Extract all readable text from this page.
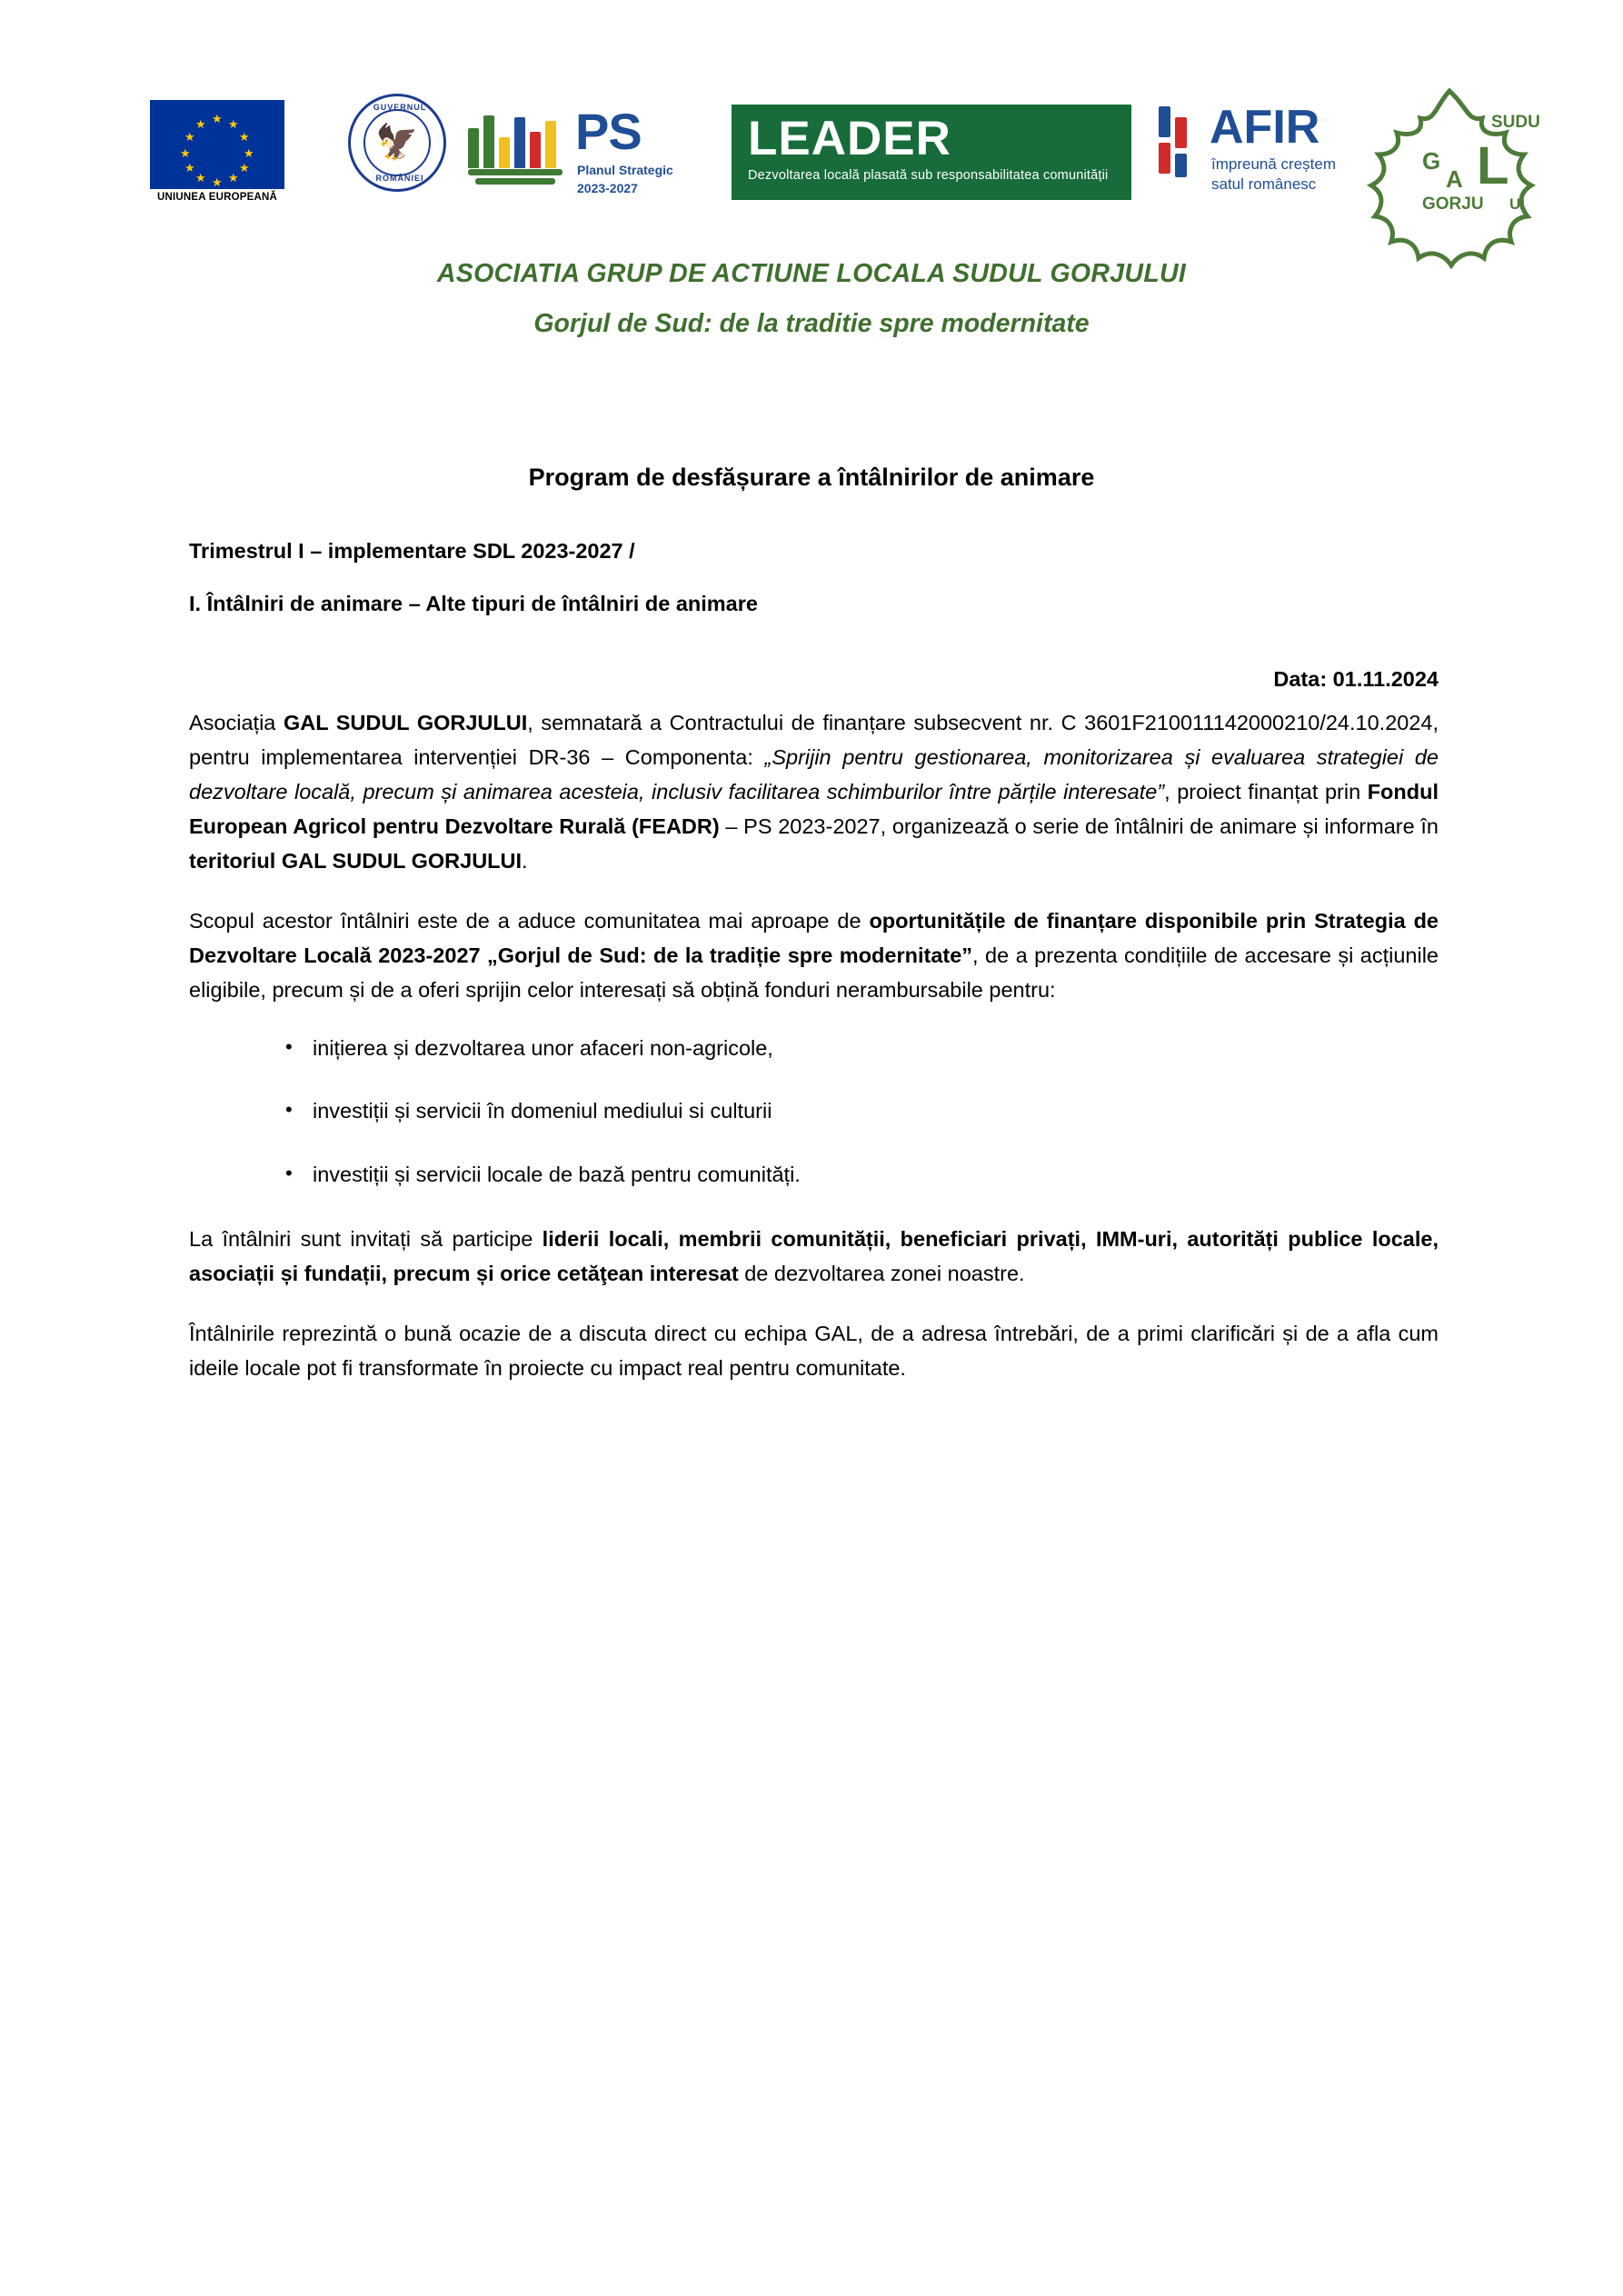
★ ★
★
★
★
★
★
★
★
★
★
★
UNIUNEA EUROPEANĂ
🦅
GUVERNUL
ROMÂNIEI
PS
Planul Strategic
2023-2027
LEADER
Dezvoltarea locală plasată sub responsabilitatea comunității
AFIR
împreună creștem
satul românesc
SUDU
G
A L
GORJU UI
ASOCIATIA GRUP DE ACTIUNE LOCALA SUDUL GORJULUI
Gorjul de Sud: de la traditie spre modernitate
Program de desfășurare a întâlnirilor de animare
Trimestrul I – implementare SDL 2023-2027 /
I. Întâlniri de animare – Alte tipuri de întâlniri de animare
Data: 01.11.2024

Asociația GAL SUDUL GORJULUI, semnatară a Contractului de finanțare subsecvent nr. C 3601F210011142000210/24.10.2024, pentru implementarea intervenției DR-36 – Componenta: „Sprijin pentru gestionarea, monitorizarea și evaluarea strategiei de dezvoltare locală, precum și animarea acesteia, inclusiv facilitarea schimburilor între părțile interesate”, proiect finanțat prin Fondul European Agricol pentru Dezvoltare Rurală (FEADR) – PS 2023-2027, organizează o serie de întâlniri de animare și informare în teritoriul GAL SUDUL GORJULUI.

Scopul acestor întâlniri este de a aduce comunitatea mai aproape de oportunitățile de finanțare disponibile prin Strategia de Dezvoltare Locală 2023-2027 „Gorjul de Sud: de la tradiție spre modernitate”, de a prezenta condițiile de accesare și acțiunile eligibile, precum și de a oferi sprijin celor interesați să obțină fonduri nerambursabile pentru:

• inițierea și dezvoltarea unor afaceri non-agricole,
• investiții și servicii în domeniul mediului si culturii
• investiții și servicii locale de bază pentru comunități.

La întâlniri sunt invitați să participe liderii locali, membrii comunității, beneficiari privați, IMM-uri, autorități publice locale, asociații și fundații, precum și orice cetăţean interesat de dezvoltarea zonei noastre.

Întâlnirile reprezintă o bună ocazie de a discuta direct cu echipa GAL, de a adresa întrebări, de a primi clarificări și de a afla cum ideile locale pot fi transformate în proiecte cu impact real pentru comunitate.
